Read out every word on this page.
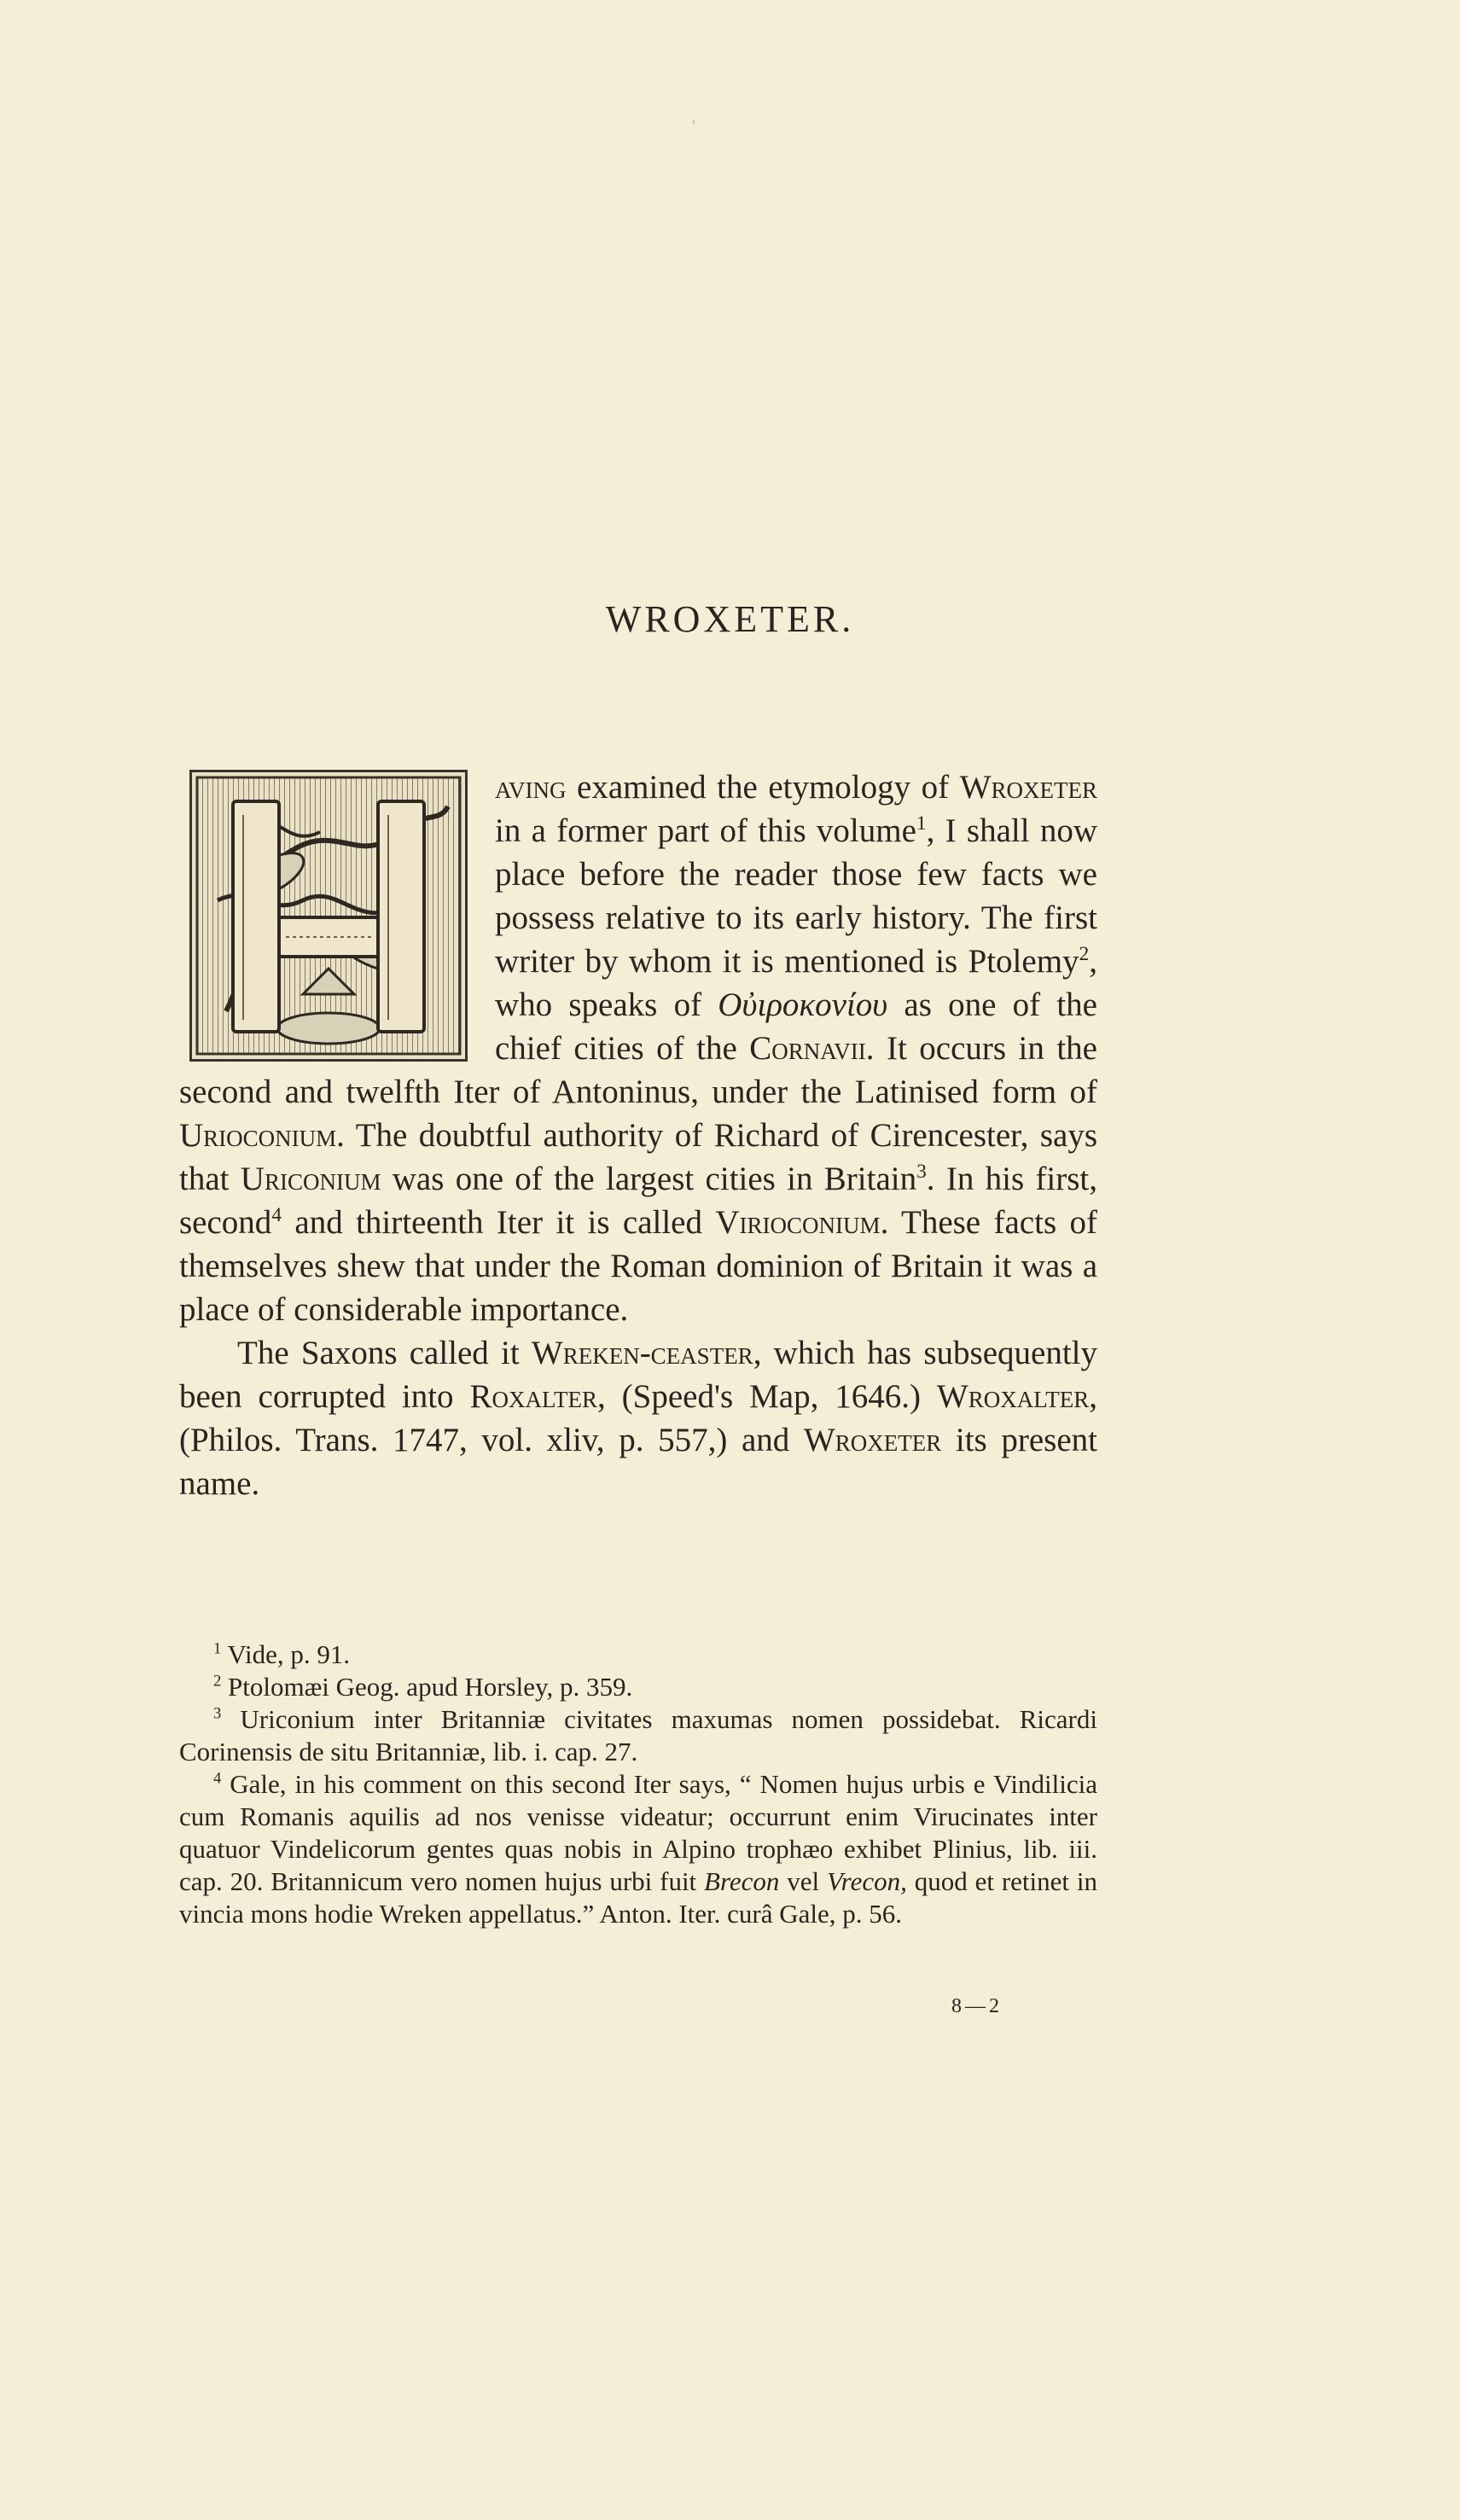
WROXETER.

aving examined the etymology of Wroxeter in a former part of this volume$^1$, I shall now place before the reader those few facts we possess relative to its early history. The first writer by whom it is mentioned is Ptolemy$^2$, who speaks of Οὐιροκονίου as one of the chief cities of the Cornavii. It occurs in the second and twelfth Iter of Antoninus, under the Latinised form of Urioconium. The doubtful authority of Richard of Cirencester, says that Uriconium was one of the largest cities in Britain$^3$. In his first, second$^4$ and thirteenth Iter it is called Virioconium. These facts of themselves shew that under the Roman dominion of Britain it was a place of considerable importance.

The Saxons called it Wreken-ceaster, which has subsequently been corrupted into Roxalter, (Speed's Map, 1646.) Wroxalter, (Philos. Trans. 1747, vol. xliv, p. 557,) and Wroxeter its present name.

$^1$ Vide, p. 91.

$^2$ Ptolomæi Geog. apud Horsley, p. 359.

$^3$ Uriconium inter Britanniæ civitates maxumas nomen possidebat. Ricardi Corinensis de situ Britanniæ, lib. i. cap. 27.

$^4$ Gale, in his comment on this second Iter says, “ Nomen hujus urbis e Vindilicia cum Romanis aquilis ad nos venisse videatur; occurrunt enim Virucinates inter quatuor Vindelicorum gentes quas nobis in Alpino trophæo exhibet Plinius, lib. iii. cap. 20. Britannicum vero nomen hujus urbi fuit Brecon vel Vrecon, quod et retinet in vincia mons hodie Wreken appellatus.” Anton. Iter. curâ Gale, p. 56.

8—2
